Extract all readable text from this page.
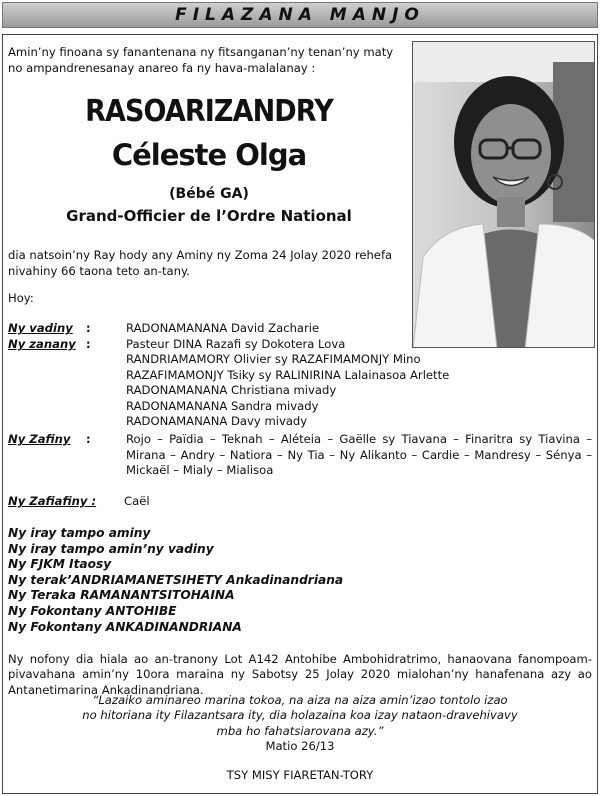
FILAZANA MANJO
Amin’ny finoana sy fanantenana ny fitsanganan’ny tenan’ny maty no ampandrenesanay anareo fa ny hava-malalanay :
RASOARIZANDRY
Céleste Olga
(Bébé GA)
Grand-Officier de l’Ordre National
dia natsoin’ny Ray hody any Aminy ny Zoma 24 Jolay 2020 rehefa nivahiny 66 taona teto an-tany.
Hoy:
Ny vadiny :	RADONAMANANA David Zacharie
Ny zanany :	Pasteur DINA Razafi sy Dokotera Lova
RANDRIAMAMORY Olivier sy RAZAFIMAMONJY Mino
RAZAFIMAMONJY Tsiky sy RALINIRINA Lalainasoa Arlette
RADONAMANANA Christiana mivady
RADONAMANANA Sandra mivady
RADONAMANANA Davy mivady
Ny Zafiny :	Rojo – Païdia – Teknah – Aléteia – Gaëlle sy Tiavana – Finaritra sy Tiavina – Mirana – Andry – Natiora – Ny Tia – Ny Alikanto – Cardie – Mandresy – Sénya – Mickaël – Mialy – Mialisoa
Ny Zafiafiny : Caël
Ny iray tampo aminy
Ny iray tampo amin’ny vadiny
Ny FJKM Itaosy
Ny terak’ANDRIAMANETSIHETY Ankadinandriana
Ny Teraka RAMANANTSITOHAINA
Ny Fokontany ANTOHIBE
Ny Fokontany ANKADINANDRIANA
Ny nofony dia hiala ao an-tranony Lot A142 Antohibe Ambohidratrimo, hanaovana fanompoam-pivavahana amin’ny 10ora maraina ny Sabotsy 25 Jolay 2020 mialohan’ny hanafenana azy ao Antanetimarina Ankadinandriana.
“Lazaiko aminareo marina tokoa, na aiza na aiza amin’izao tontolo izao
no hitoriana ity Filazantsara ity, dia holazaina koa izay nataon-dravehivavy
mba ho fahatsiarovana azy.”
Matio 26/13
TSY MISY FIARETAN-TORY
